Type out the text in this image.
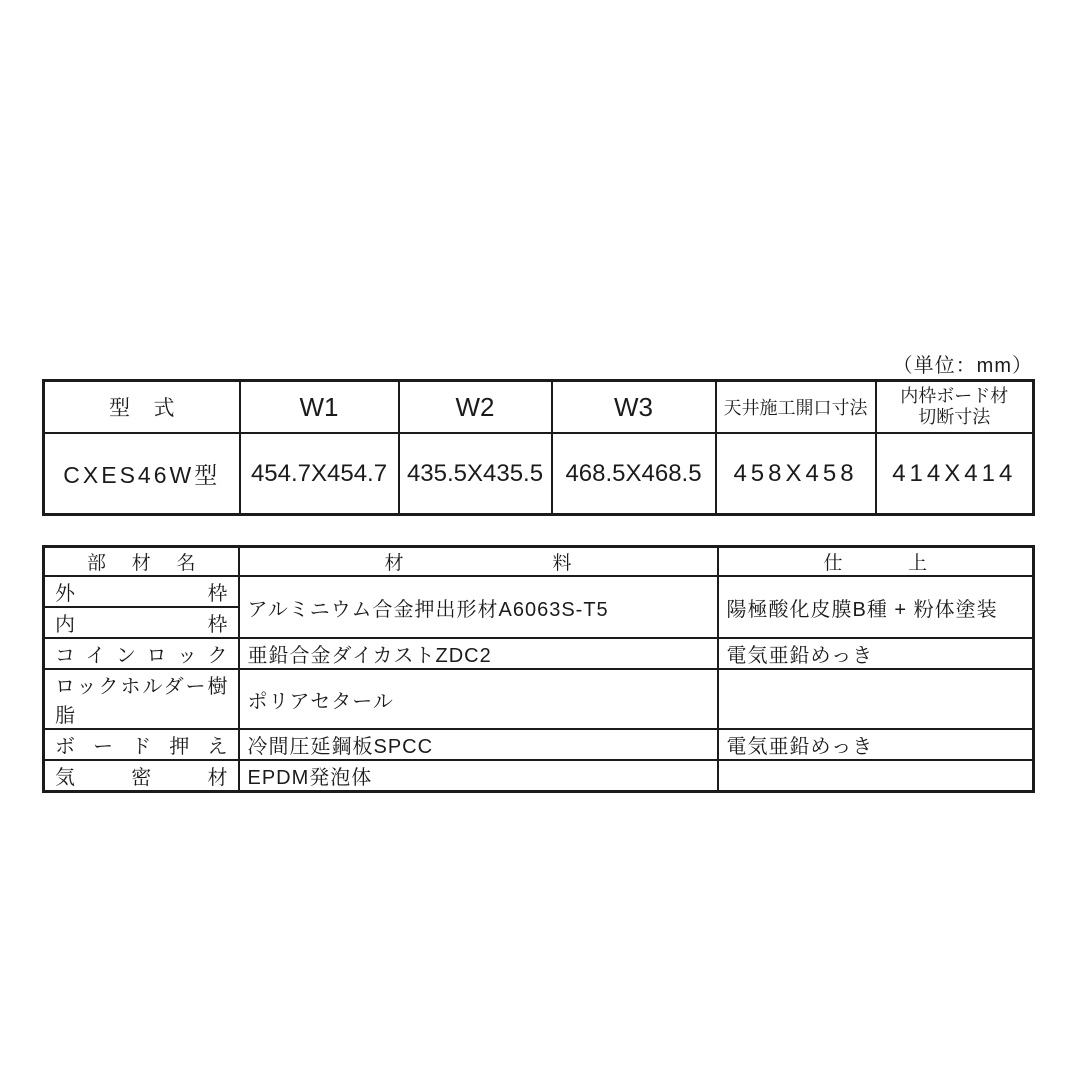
（単位：mm）
型 式	W1	W2	W3	天井施工開口寸法	内枠ボード材
切断寸法

CXES46W型	454.7X454.7	435.5X435.5	468.5X468.5	458X458	414X414
部 材 名	材 料	仕 上
外 枠	アルミニウム合金押出形材A6063S-T5	陽極酸化皮膜B種 + 粉体塗装
内 枠		
コ イ ン ロ ッ ク	亜鉛合金ダイカストZDC2	電気亜鉛めっき
ロックホルダー樹脂	ポリアセタール	
ボ ー ド 押 え	冷間圧延鋼板SPCC	電気亜鉛めっき
気 密 材	EPDM発泡体	
